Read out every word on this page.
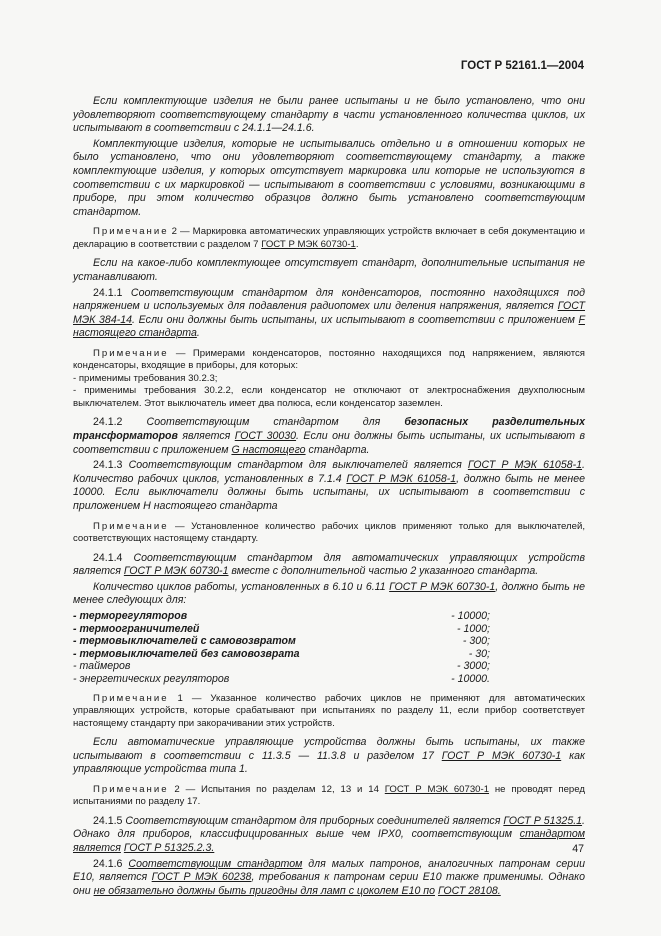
ГОСТ Р 52161.1—2004

Если комплектующие изделия не были ранее испытаны и не было установлено, что они удовлетворяют соответствующему стандарту в части установленного количества циклов, их испытывают в соответствии с 24.1.1—24.1.6.

Комплектующие изделия, которые не испытывались отдельно и в отношении которых не было установлено, что они удовлетворяют соответствующему стандарту, а также комплектующие изделия, у которых отсутствует маркировка или которые не используются в соответствии с их маркировкой — испытывают в соответствии с условиями, возникающими в приборе, при этом количество образцов должно быть установлено соответствующим стандартом.

Примечание 2 — Маркировка автоматических управляющих устройств включает в себя документацию и декларацию в соответствии с разделом 7 ГОСТ Р МЭК 60730-1.

Если на какое-либо комплектующее отсутствует стандарт, дополнительные испытания не устанавливают.

24.1.1 Соответствующим стандартом для конденсаторов, постоянно находящихся под напряжением и используемых для подавления радиопомех или деления напряжения, является ГОСТ МЭК 384-14. Если они должны быть испытаны, их испытывают в соответствии с приложением F настоящего стандарта.

Примечание — Примерами конденсаторов, постоянно находящихся под напряжением, являются конденсаторы, входящие в приборы, для которых:
- применимы требования 30.2.3;
- применимы требования 30.2.2, если конденсатор не отключают от электроснабжения двухполюсным выключателем. Этот выключатель имеет два полюса, если конденсатор заземлен.

24.1.2 Соответствующим стандартом для безопасных разделительных трансформаторов является ГОСТ 30030. Если они должны быть испытаны, их испытывают в соответствии с приложением G настоящего стандарта.

24.1.3 Соответствующим стандартом для выключателей является ГОСТ Р МЭК 61058-1. Количество рабочих циклов, установленных в 7.1.4 ГОСТ Р МЭК 61058-1, должно быть не менее 10000. Если выключатели должны быть испытаны, их испытывают в соответствии с приложением H настоящего стандарта

Примечание — Установленное количество рабочих циклов применяют только для выключателей, соответствующих настоящему стандарту.

24.1.4 Соответствующим стандартом для автоматических управляющих устройств является ГОСТ Р МЭК 60730-1 вместе с дополнительной частью 2 указанного стандарта.

Количество циклов работы, установленных в 6.10 и 6.11 ГОСТ Р МЭК 60730-1, должно быть не менее следующих для:

- терморегуляторов	- 10000;
- термоограничителей	- 1000;
- термовыключателей с самовозвратом	- 300;
- термовыключателей без самовозврата	- 30;
- таймеров	- 3000;
- энергетических регуляторов	- 10000.

Примечание 1 — Указанное количество рабочих циклов не применяют для автоматических управляющих устройств, которые срабатывают при испытаниях по разделу 11, если прибор соответствует настоящему стандарту при закорачивании этих устройств.

Если автоматические управляющие устройства должны быть испытаны, их также испытывают в соответствии с 11.3.5 — 11.3.8 и разделом 17 ГОСТ Р МЭК 60730-1 как управляющие устройства типа 1.

Примечание 2 — Испытания по разделам 12, 13 и 14 ГОСТ Р МЭК 60730-1 не проводят перед испытаниями по разделу 17.

24.1.5 Соответствующим стандартом для приборных соединителей является ГОСТ Р 51325.1. Однако для приборов, классифицированных выше чем IPX0, соответствующим стандартом является ГОСТ Р 51325.2.3.

24.1.6 Соответствующим стандартом для малых патронов, аналогичных патронам серии E10, является ГОСТ Р МЭК 60238, требования к патронам серии E10 также применимы. Однако они не обязательно должны быть пригодны для ламп с цоколем E10 по ГОСТ 28108.

47
